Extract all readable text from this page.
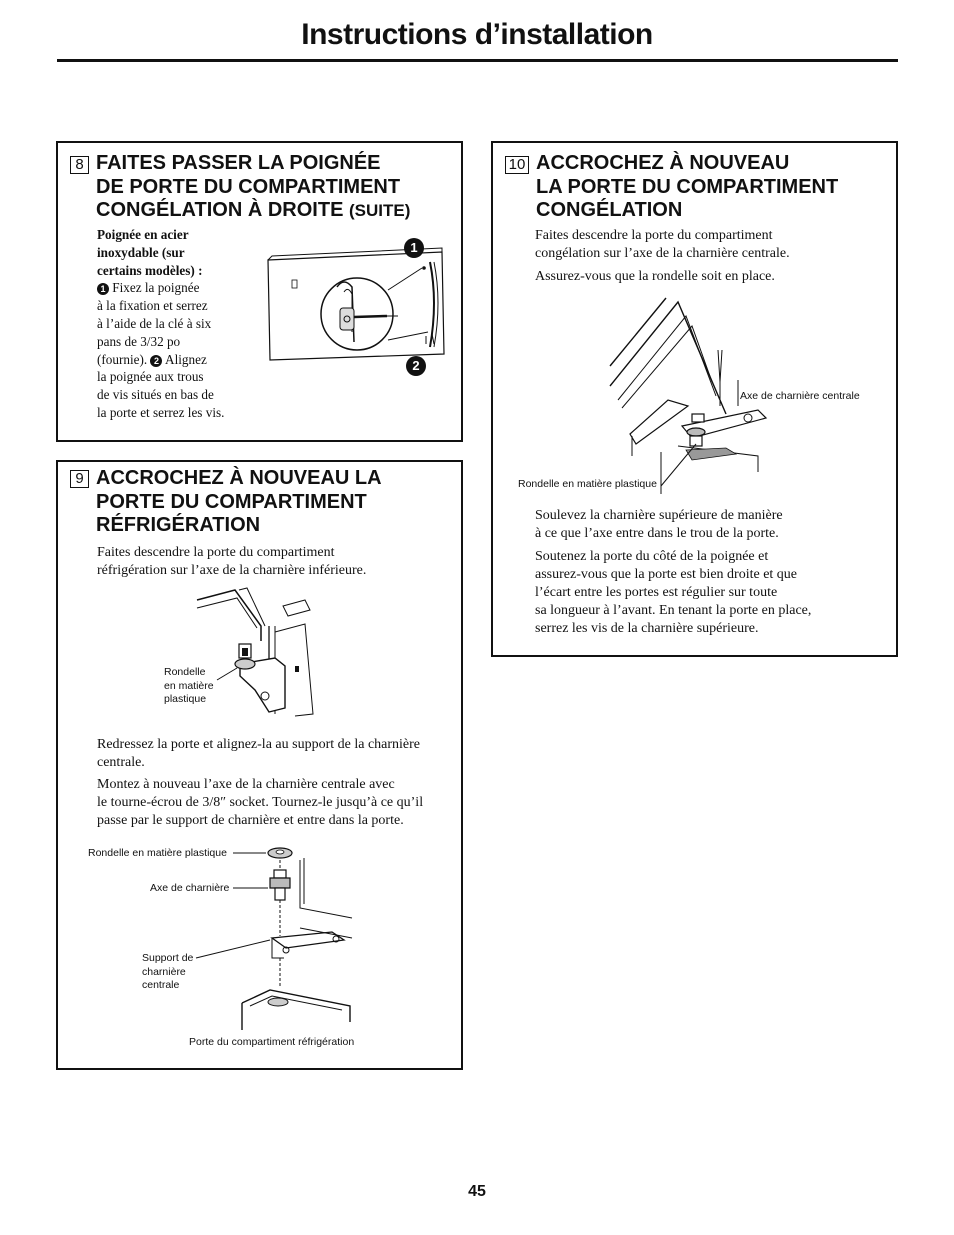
Instructions d’installation
8 FAITES PASSER LA POIGNÉE
DE PORTE DU COMPARTIMENT
CONGÉLATION À DROITE (SUITE)
Poignée en acier
inoxydable (sur
certains modèles) :
1 Fixez la poignée
à la fixation et serrez
à l’aide de la clé à six
pans de 3/32 po
(fournie). 2 Alignez
la poignée aux trous
de vis situés en bas de
la porte et serrez les vis.
1
2
9 ACCROCHEZ À NOUVEAU LA
PORTE DU COMPARTIMENT
RÉFRIGÉRATION
Faites descendre la porte du compartiment
réfrigération sur l’axe de la charnière inférieure.
Rondelle
en matière
plastique
Redressez la porte et alignez-la au support de la charnière
centrale.
Montez à nouveau l’axe de la charnière centrale avec
le tourne-écrou de 3/8″ socket. Tournez-le jusqu’à ce qu’il
passe par le support de charnière et entre dans la porte.
Rondelle en matière plastique
Axe de charnière
Support de
charnière
centrale
Porte du compartiment réfrigération
10 ACCROCHEZ À NOUVEAU
LA PORTE DU COMPARTIMENT
CONGÉLATION
Faites descendre la porte du compartiment
congélation sur l’axe de la charnière centrale.
Assurez-vous que la rondelle soit en place.
Axe de charnière centrale
Rondelle en matière plastique
Soulevez la charnière supérieure de manière
à ce que l’axe entre dans le trou de la porte.
Soutenez la porte du côté de la poignée et
assurez-vous que la porte est bien droite et que
l’écart entre les portes est régulier sur toute
sa longueur à l’avant. En tenant la porte en place,
serrez les vis de la charnière supérieure.
45
